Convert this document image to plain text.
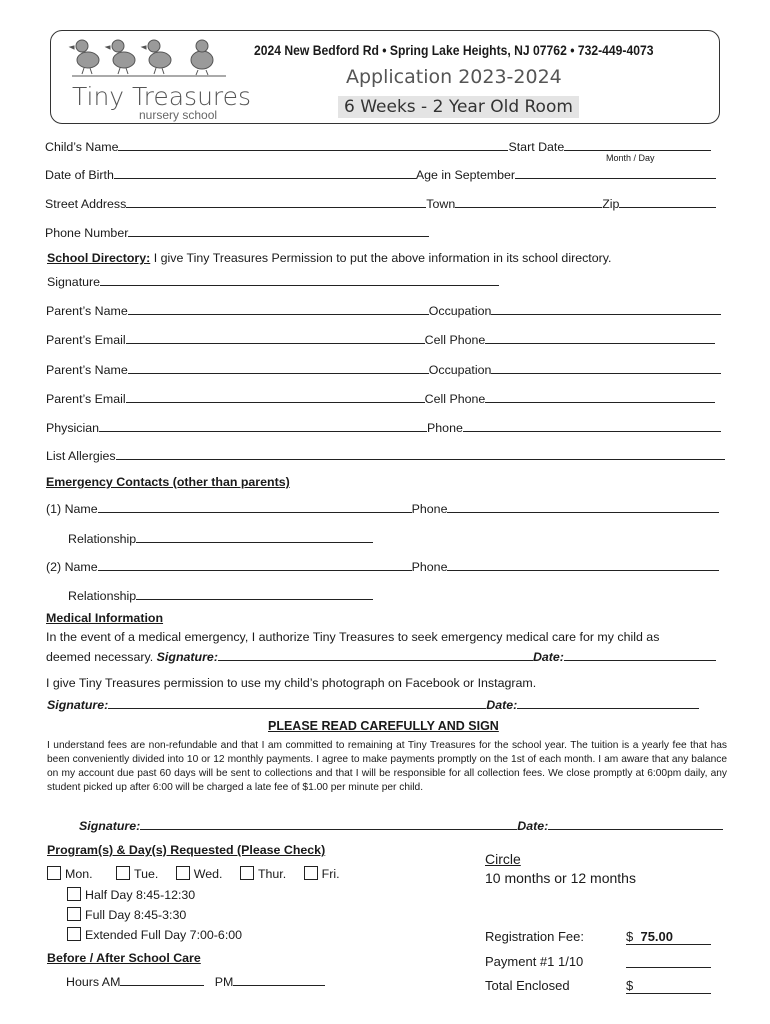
Tiny Treasures
nursery school
2024 New Bedford Rd • Spring Lake Heights, NJ 07762 • 732-449-4073
Application 2023-2024
6 Weeks - 2 Year Old Room
Child’s Name	Start Date
Month / Day
Date of Birth	Age in September
Street Address	Town	Zip
Phone Number
School Directory: I give Tiny Treasures Permission to put the above information in its school directory.
Signature
Parent’s Name	Occupation
Parent’s Email	Cell Phone
Parent’s Name	Occupation
Parent’s Email	Cell Phone
Physician	Phone
List Allergies
Emergency Contacts (other than parents)
(1) Name	Phone
Relationship
(2) Name	Phone
Relationship
Medical Information
In the event of a medical emergency, I authorize Tiny Treasures to seek emergency medical care for my child as
deemed necessary. Signature:	Date:
I give Tiny Treasures permission to use my child’s photograph on Facebook or Instagram.
Signature:	Date:
PLEASE READ CAREFULLY AND SIGN
I understand fees are non-refundable and that I am committed to remaining at Tiny Treasures for the school year. The tuition is a yearly fee that has been conveniently divided into 10 or 12 monthly payments. I agree to make payments promptly on the 1st of each month. I am aware that any balance on my account due past 60 days will be sent to collections and that I will be responsible for all collection fees. We close promptly at 6:00pm daily, any student picked up after 6:00 will be charged a late fee of $1.00 per minute per child.
Signature:	Date:
Program(s) & Day(s) Requested (Please Check)
Mon.	Tue.	Wed.	Thur.	Fri.
Half Day 8:45-12:30
Full Day 8:45-3:30
Extended Full Day 7:00-6:00
Before / After School Care
Hours AM	PM
Circle
10 months or 12 months
Registration Fee:	$ 75.00
Payment #1 1/10
Total Enclosed	$
